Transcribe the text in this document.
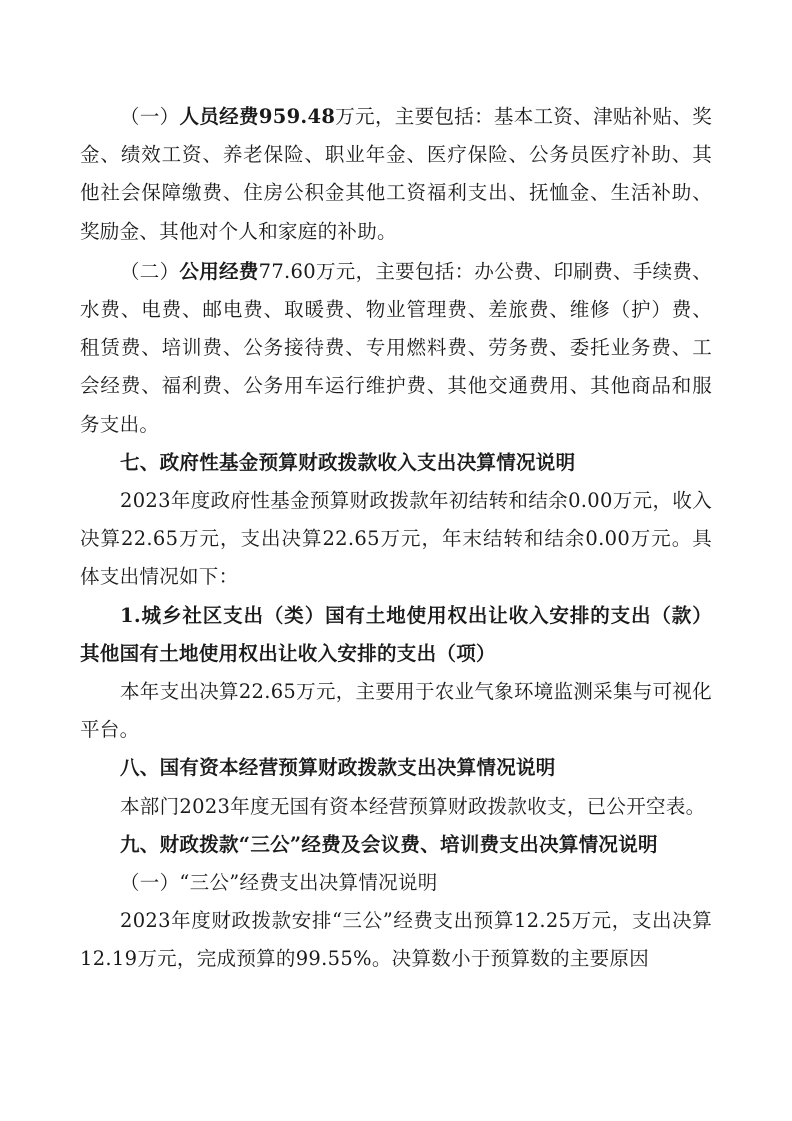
（一）人员经费959.48万元，主要包括：基本工资、津贴补贴、奖金、绩效工资、养老保险、职业年金、医疗保险、公务员医疗补助、其他社会保障缴费、住房公积金其他工资福利支出、抚恤金、生活补助、奖励金、其他对个人和家庭的补助。

（二）公用经费77.60万元，主要包括：办公费、印刷费、手续费、水费、电费、邮电费、取暖费、物业管理费、差旅费、维修（护）费、租赁费、培训费、公务接待费、专用燃料费、劳务费、委托业务费、工会经费、福利费、公务用车运行维护费、其他交通费用、其他商品和服务支出。

七、政府性基金预算财政拨款收入支出决算情况说明

2023年度政府性基金预算财政拨款年初结转和结余0.00万元，收入决算22.65万元，支出决算22.65万元，年末结转和结余0.00万元。具体支出情况如下：

1.城乡社区支出（类）国有土地使用权出让收入安排的支出（款）其他国有土地使用权出让收入安排的支出（项）

本年支出决算22.65万元，主要用于农业气象环境监测采集与可视化平台。

八、国有资本经营预算财政拨款支出决算情况说明

本部门2023年度无国有资本经营预算财政拨款收支，已公开空表。

九、财政拨款“三公”经费及会议费、培训费支出决算情况说明

（一）“三公”经费支出决算情况说明

2023年度财政拨款安排“三公”经费支出预算12.25万元，支出决算12.19万元，完成预算的99.55%。决算数小于预算数的主要原因
